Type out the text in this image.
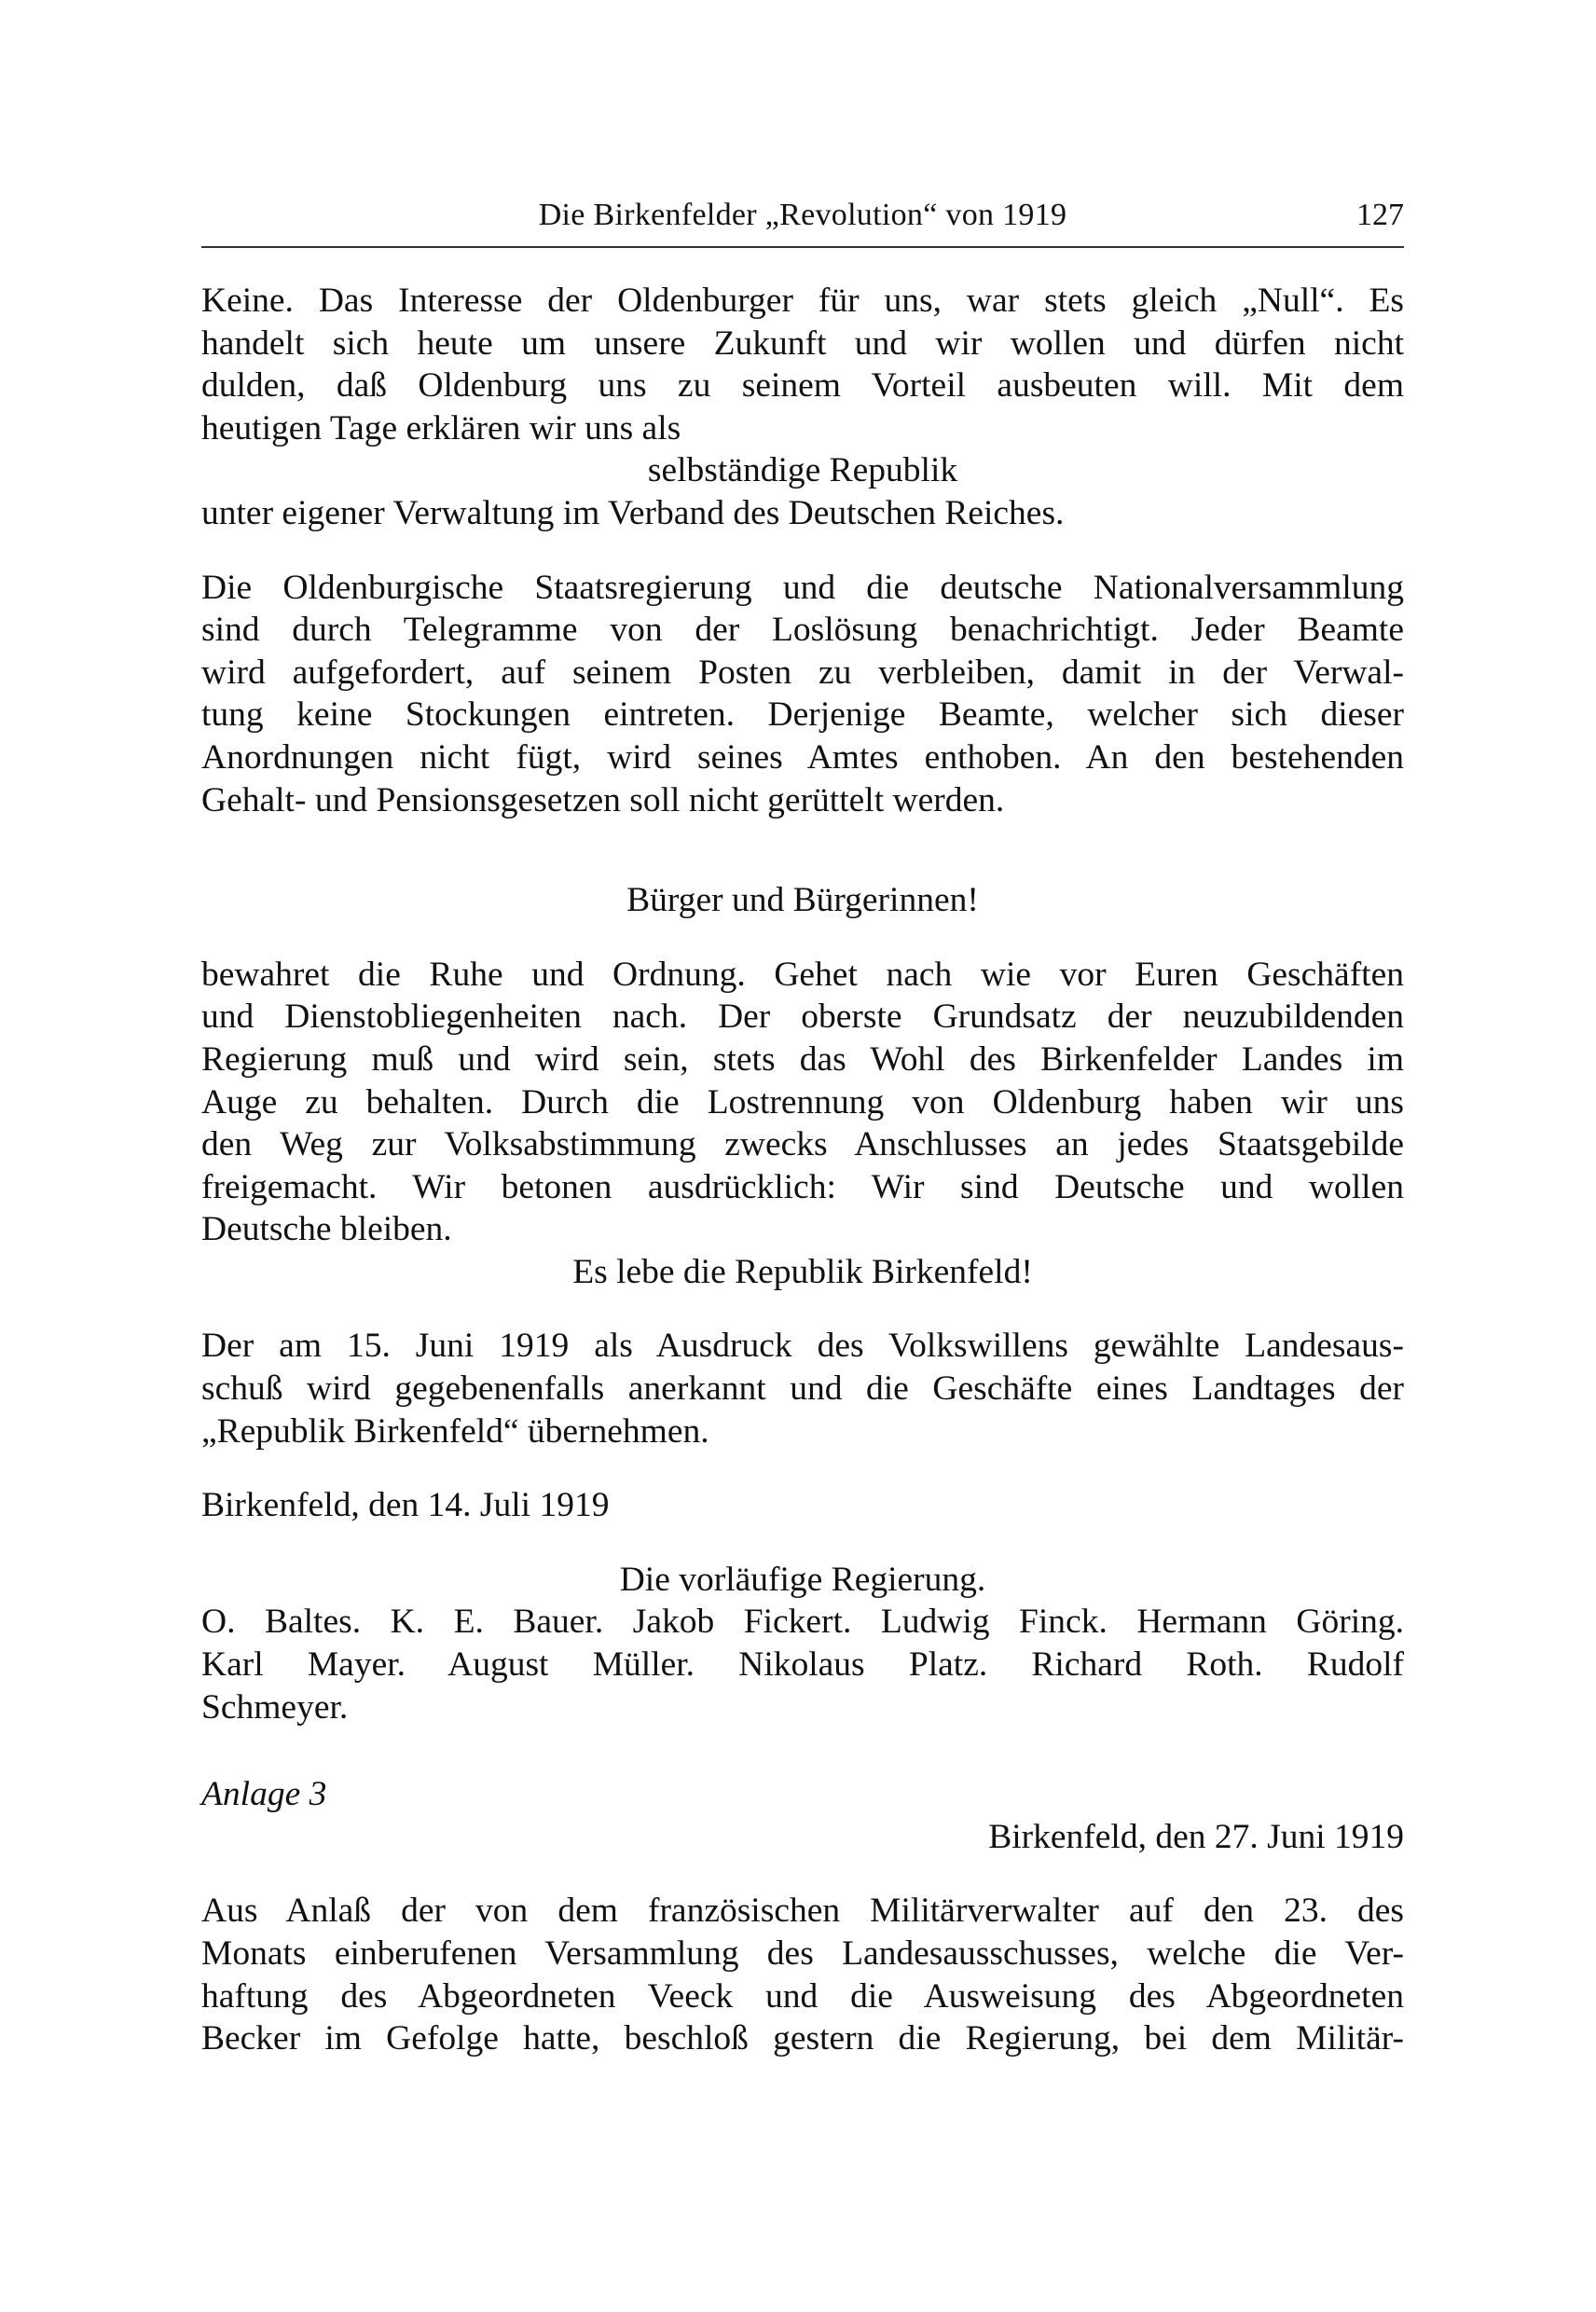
Die Birkenfelder „Revolution“ von 1919	127
Keine. Das Interesse der Oldenburger für uns, war stets gleich „Null“. Es
handelt sich heute um unsere Zukunft und wir wollen und dürfen nicht
dulden, daß Oldenburg uns zu seinem Vorteil ausbeuten will. Mit dem
heutigen Tage erklären wir uns als
selbständige Republik
unter eigener Verwaltung im Verband des Deutschen Reiches.
Die Oldenburgische Staatsregierung und die deutsche Nationalversammlung
sind durch Telegramme von der Loslösung benachrichtigt. Jeder Beamte
wird aufgefordert, auf seinem Posten zu verbleiben, damit in der Verwal-
tung keine Stockungen eintreten. Derjenige Beamte, welcher sich dieser
Anordnungen nicht fügt, wird seines Amtes enthoben. An den bestehenden
Gehalt- und Pensionsgesetzen soll nicht gerüttelt werden.
Bürger und Bürgerinnen!
bewahret die Ruhe und Ordnung. Gehet nach wie vor Euren Geschäften
und Dienstobliegenheiten nach. Der oberste Grundsatz der neuzubildenden
Regierung muß und wird sein, stets das Wohl des Birkenfelder Landes im
Auge zu behalten. Durch die Lostrennung von Oldenburg haben wir uns
den Weg zur Volksabstimmung zwecks Anschlusses an jedes Staatsgebilde
freigemacht. Wir betonen ausdrücklich: Wir sind Deutsche und wollen
Deutsche bleiben.
Es lebe die Republik Birkenfeld!
Der am 15. Juni 1919 als Ausdruck des Volkswillens gewählte Landesaus-
schuß wird gegebenenfalls anerkannt und die Geschäfte eines Landtages der
„Republik Birkenfeld“ übernehmen.
Birkenfeld, den 14. Juli 1919
Die vorläufige Regierung.
O. Baltes. K. E. Bauer. Jakob Fickert. Ludwig Finck. Hermann Göring.
Karl Mayer. August Müller. Nikolaus Platz. Richard Roth. Rudolf
Schmeyer.
Anlage 3
Birkenfeld, den 27. Juni 1919
Aus Anlaß der von dem französischen Militärverwalter auf den 23. des
Monats einberufenen Versammlung des Landesausschusses, welche die Ver-
haftung des Abgeordneten Veeck und die Ausweisung des Abgeordneten
Becker im Gefolge hatte, beschloß gestern die Regierung, bei dem Militär-
